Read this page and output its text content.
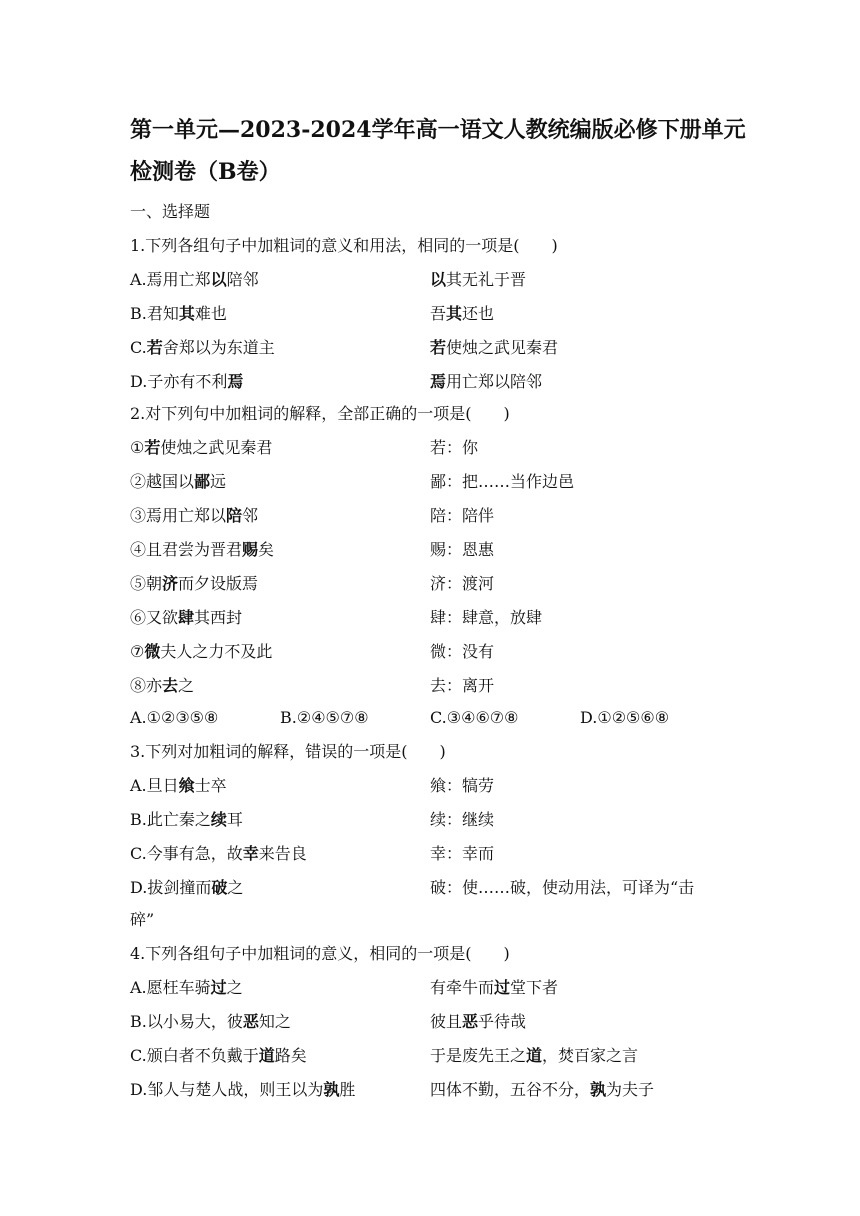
第一单元—2023-2024学年高一语文人教统编版必修下册单元
检测卷（B卷）
一、选择题
1.下列各组句子中加粗词的意义和用法，相同的一项是(　　)
A.焉用亡郑以陪邻	以其无礼于晋
B.君知其难也	吾其还也
C.若舍郑以为东道主	若使烛之武见秦君
D.子亦有不利焉	焉用亡郑以陪邻
2.对下列句中加粗词的解释，全部正确的一项是(　　)
①若使烛之武见秦君	若：你
②越国以鄙远	鄙：把……当作边邑
③焉用亡郑以陪邻	陪：陪伴
④且君尝为晋君赐矣	赐：恩惠
⑤朝济而夕设版焉	济：渡河
⑥又欲肆其西封	肆：肆意，放肆
⑦微夫人之力不及此	微：没有
⑧亦去之	去：离开
A.①②③⑤⑧	B.②④⑤⑦⑧	C.③④⑥⑦⑧	D.①②⑤⑥⑧
3.下列对加粗词的解释，错误的一项是(　　)
A.旦日飨士卒	飨：犒劳
B.此亡秦之续耳	续：继续
C.今事有急，故幸来告良	幸：幸而
D.拔剑撞而破之	破：使……破，使动用法，可译为“击
碎”
4.下列各组句子中加粗词的意义，相同的一项是(　　)
A.愿枉车骑过之	有牵牛而过堂下者
B.以小易大，彼恶知之	彼且恶乎待哉
C.颁白者不负戴于道路矣	于是废先王之道，焚百家之言
D.邹人与楚人战，则王以为孰胜	四体不勤，五谷不分，孰为夫子
